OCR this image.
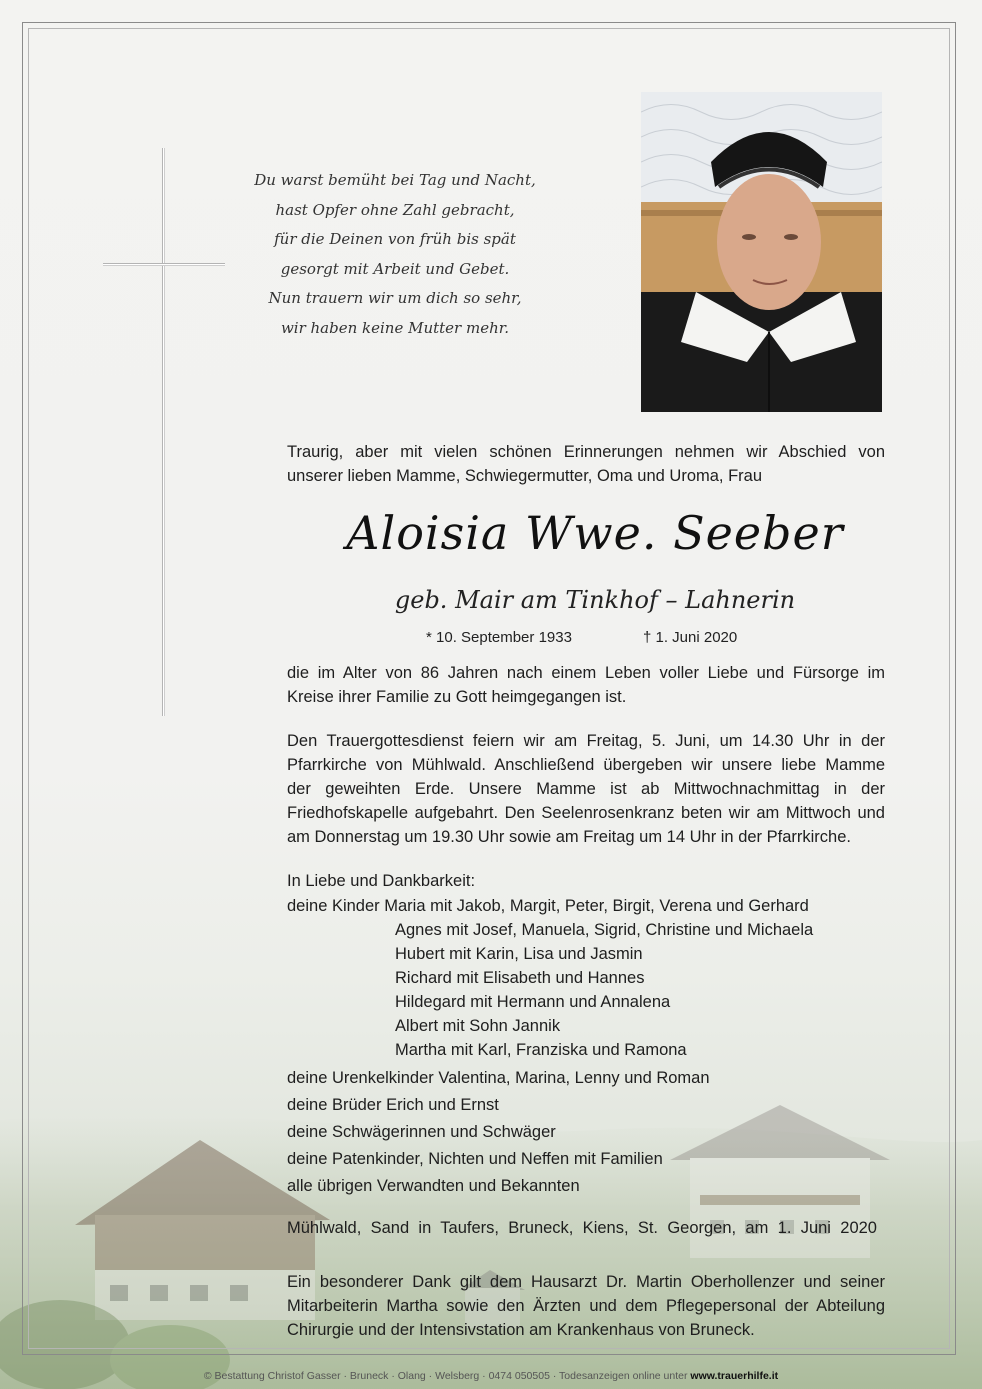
Du warst bemüht bei Tag und Nacht,
hast Opfer ohne Zahl gebracht,
für die Deinen von früh bis spät
gesorgt mit Arbeit und Gebet.
Nun trauern wir um dich so sehr,
wir haben keine Mutter mehr.
Traurig, aber mit vielen schönen Erinnerungen nehmen wir Abschied von
unserer lieben Mamme, Schwiegermutter, Oma und Uroma, Frau
Aloisia Wwe. Seeber
geb. Mair am Tinkhof – Lahnerin
* 10. September 1933	† 1. Juni 2020
die im Alter von 86 Jahren nach einem Leben voller Liebe und Fürsorge im
Kreise ihrer Familie zu Gott heimgegangen ist.
Den Trauergottesdienst feiern wir am Freitag, 5. Juni, um 14.30 Uhr in der
Pfarrkirche von Mühlwald. Anschließend übergeben wir unsere liebe Mamme
der geweihten Erde. Unsere Mamme ist ab Mittwochnachmittag in der
Friedhofskapelle aufgebahrt. Den Seelenrosenkranz beten wir am Mittwoch und
am Donnerstag um 19.30 Uhr sowie am Freitag um 14 Uhr in der Pfarrkirche.
In Liebe und Dankbarkeit:
deine Kinder Maria mit Jakob, Margit, Peter, Birgit, Verena und Gerhard
Agnes mit Josef, Manuela, Sigrid, Christine und Michaela
Hubert mit Karin, Lisa und Jasmin
Richard mit Elisabeth und Hannes
Hildegard mit Hermann und Annalena
Albert mit Sohn Jannik
Martha mit Karl, Franziska und Ramona
deine Urenkelkinder Valentina, Marina, Lenny und Roman
deine Brüder Erich und Ernst
deine Schwägerinnen und Schwäger
deine Patenkinder, Nichten und Neffen mit Familien
alle übrigen Verwandten und Bekannten
Mühlwald, Sand in Taufers, Bruneck, Kiens, St. Georgen, am 1. Juni 2020
Ein besonderer Dank gilt dem Hausarzt Dr. Martin Oberhollenzer und seiner
Mitarbeiterin Martha sowie den Ärzten und dem Pflegepersonal der Abteilung
Chirurgie und der Intensivstation am Krankenhaus von Bruneck.
© Bestattung Christof Gasser · Bruneck · Olang · Welsberg · 0474 050505 · Todesanzeigen online unter www.trauerhilfe.it
